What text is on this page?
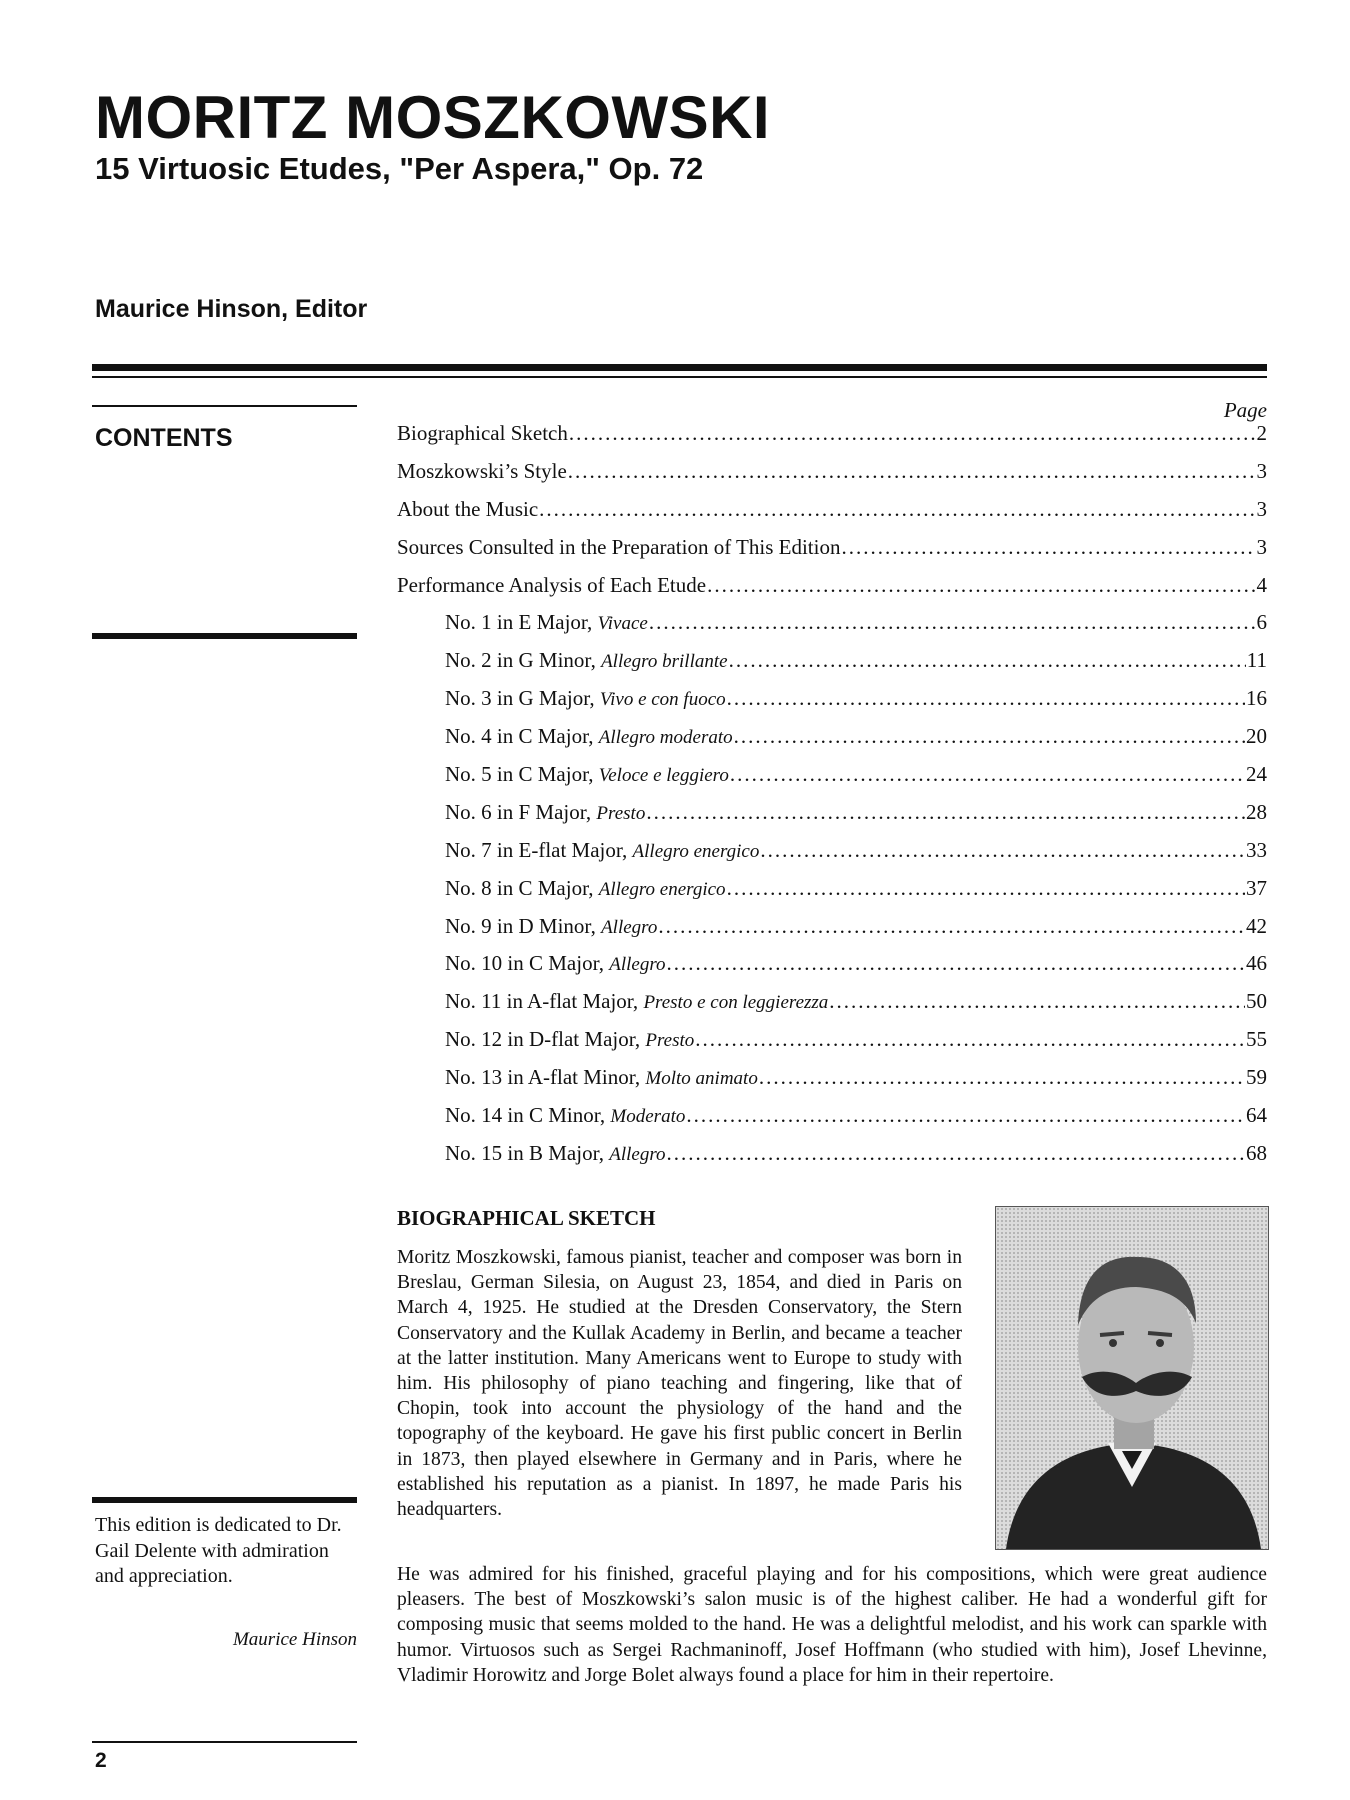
MORITZ MOSZKOWSKI
15 Virtuosic Etudes, "Per Aspera," Op. 72
Maurice Hinson, Editor
CONTENTS
Page
Biographical Sketch .....	2
Moszkowski’s Style .....	3
About the Music .....	3
Sources Consulted in the Preparation of This Edition .....	3
Performance Analysis of Each Etude .....	4
No. 1 in E Major,
Vivace .....	6
No. 2 in G Minor,
Allegro brillante .....	11
No. 3 in G Major,
Vivo e con fuoco .....	16
No. 4 in C Major,
Allegro moderato .....	20
No. 5 in C Major,
Veloce e leggiero .....	24
No. 6 in F Major,
Presto .....	28
No. 7 in E-flat Major,
Allegro energico .....	33
No. 8 in C Major,
Allegro energico .....	37
No. 9 in D Minor,
Allegro .....	42
No. 10 in C Major,
Allegro .....	46
No. 11 in A-flat Major,
Presto e con leggierezza .....	50
No. 12 in D-flat Major,
Presto .....	55
No. 13 in A-flat Minor,
Molto animato .....	59
No. 14 in C Minor,
Moderato .....	64
No. 15 in B Major,
Allegro .....	68
BIOGRAPHICAL SKETCH

Moritz Moszkowski, famous pianist, teacher and composer was born in Breslau, German Silesia, on August 23, 1854, and died in Paris on March 4, 1925. He studied at the Dresden Conservatory, the Stern Conservatory and the Kullak Academy in Berlin, and became a teacher at the latter institution. Many Americans went to Europe to study with him. His philosophy of piano teaching and fingering, like that of Chopin, took into account the physiology of the hand and the topography of the keyboard. He gave his first public concert in Berlin in 1873, then played elsewhere in Germany and in Paris, where he established his reputation as a pianist. In 1897, he made Paris his headquarters.

He was admired for his finished, graceful playing and for his compositions, which were great audience pleasers. The best of Moszkowski’s salon music is of the highest caliber. He had a wonderful gift for composing music that seems molded to the hand. He was a delightful melodist, and his work can sparkle with humor. Virtuosos such as Sergei Rachmaninoff, Josef Hoffmann (who studied with him), Josef Lhevinne, Vladimir Horowitz and Jorge Bolet always found a place for him in their repertoire.

This edition is dedicated to Dr. Gail Delente with admiration and appreciation.

Maurice Hinson

2
